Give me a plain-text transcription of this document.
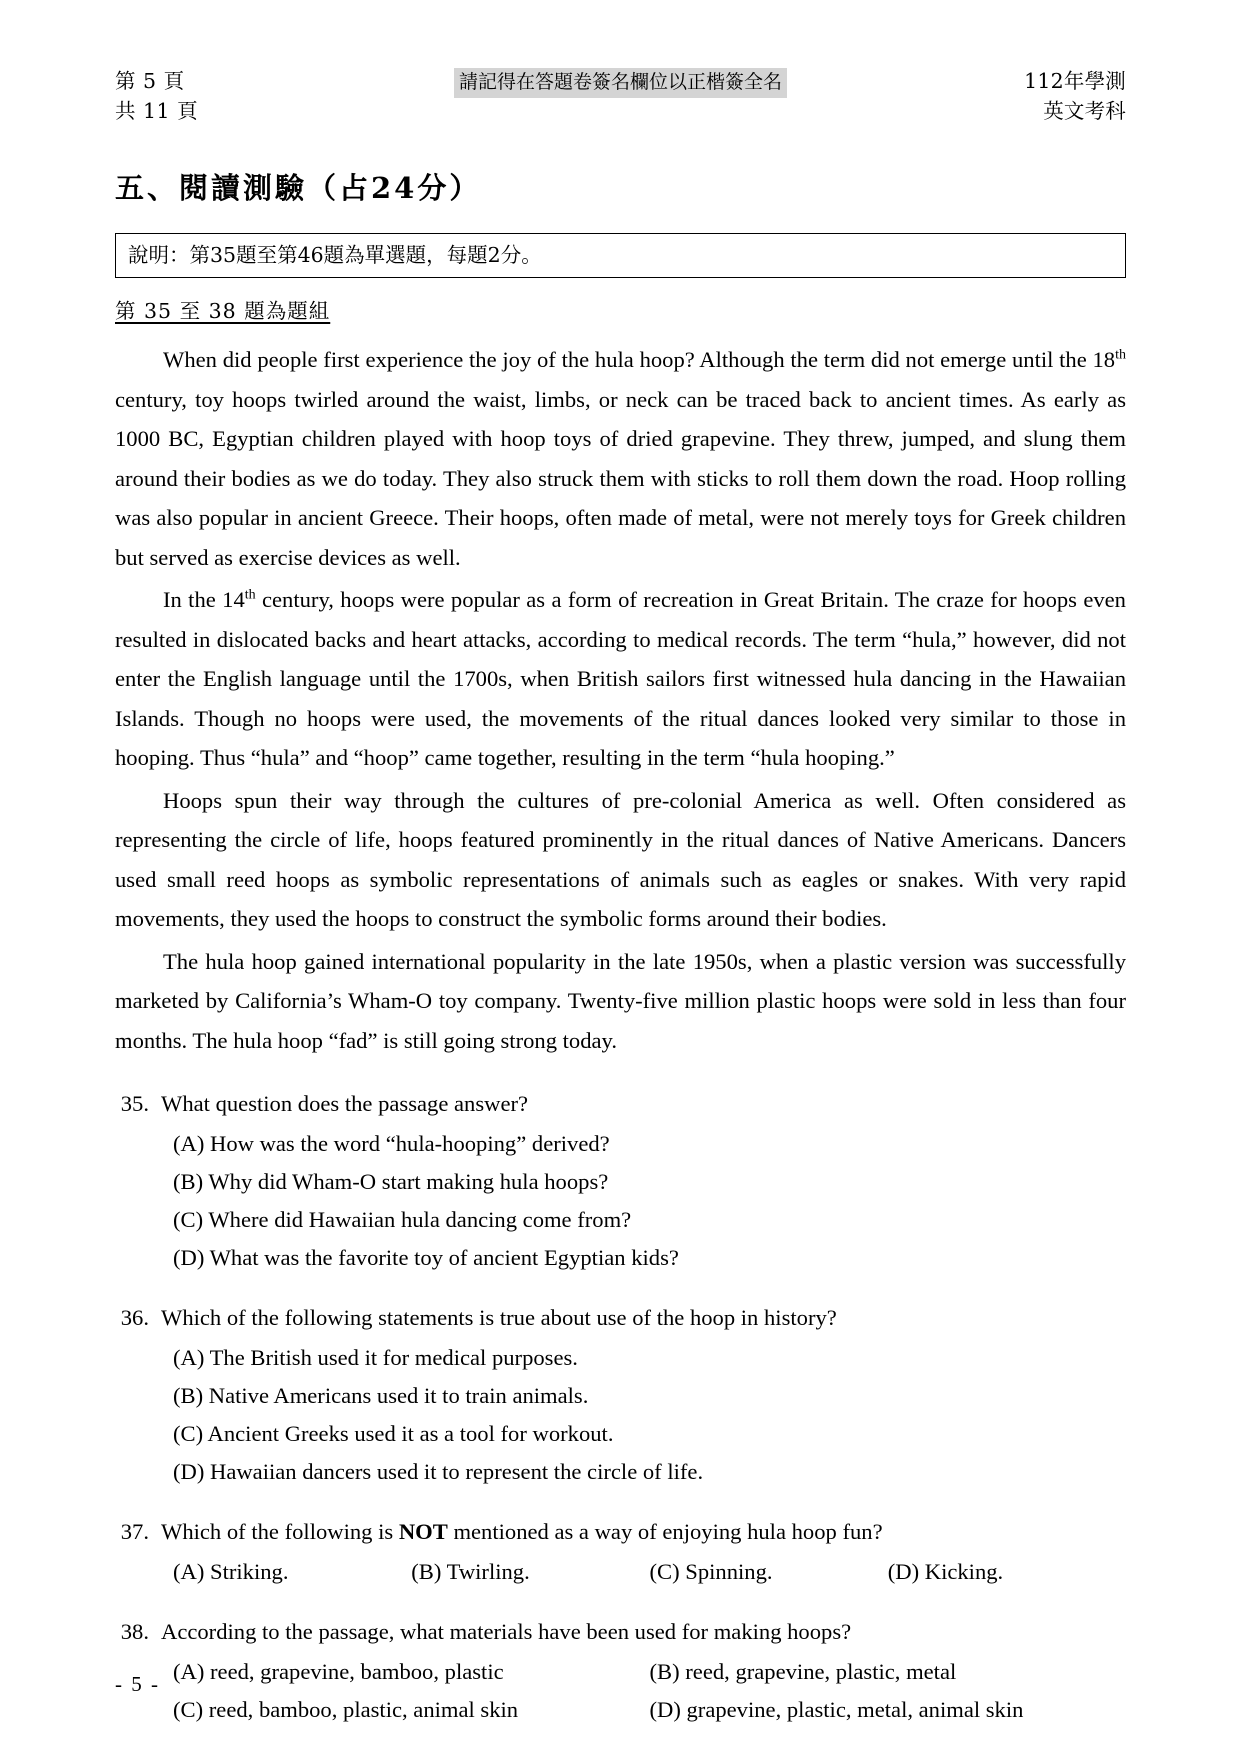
第 5 頁
共 11 頁
請記得在答題卷簽名欄位以正楷簽全名	112年學測
英文考科
五、閱讀測驗（占24分）
說明：第35題至第46題為單選題，每題2分。
第 35 至 38 題為題組

When did people first experience the joy of the hula hoop? Although the term did not emerge until the 18th century, toy hoops twirled around the waist, limbs, or neck can be traced back to ancient times. As early as 1000 BC, Egyptian children played with hoop toys of dried grapevine. They threw, jumped, and slung them around their bodies as we do today. They also struck them with sticks to roll them down the road. Hoop rolling was also popular in ancient Greece. Their hoops, often made of metal, were not merely toys for Greek children but served as exercise devices as well.

In the 14th century, hoops were popular as a form of recreation in Great Britain. The craze for hoops even resulted in dislocated backs and heart attacks, according to medical records. The term “hula,” however, did not enter the English language until the 1700s, when British sailors first witnessed hula dancing in the Hawaiian Islands. Though no hoops were used, the movements of the ritual dances looked very similar to those in hooping. Thus “hula” and “hoop” came together, resulting in the term “hula hooping.”

Hoops spun their way through the cultures of pre-colonial America as well. Often considered as representing the circle of life, hoops featured prominently in the ritual dances of Native Americans. Dancers used small reed hoops as symbolic representations of animals such as eagles or snakes. With very rapid movements, they used the hoops to construct the symbolic forms around their bodies.

The hula hoop gained international popularity in the late 1950s, when a plastic version was successfully marketed by California’s Wham-O toy company. Twenty-five million plastic hoops were sold in less than four months. The hula hoop “fad” is still going strong today.

35. What question does the passage answer?
(A) How was the word “hula-hooping” derived?
(B) Why did Wham-O start making hula hoops?
(C) Where did Hawaiian hula dancing come from?
(D) What was the favorite toy of ancient Egyptian kids?
36. Which of the following statements is true about use of the hoop in history?
(A) The British used it for medical purposes.
(B) Native Americans used it to train animals.
(C) Ancient Greeks used it as a tool for workout.
(D) Hawaiian dancers used it to represent the circle of life.
37. Which of the following is NOT mentioned as a way of enjoying hula hoop fun?
(A) Striking.	(B) Twirling.	(C) Spinning.	(D) Kicking.
38. According to the passage, what materials have been used for making hoops?
(A) reed, grapevine, bamboo, plastic	(B) reed, grapevine, plastic, metal
(C) reed, bamboo, plastic, animal skin	(D) grapevine, plastic, metal, animal skin
- 5 -
